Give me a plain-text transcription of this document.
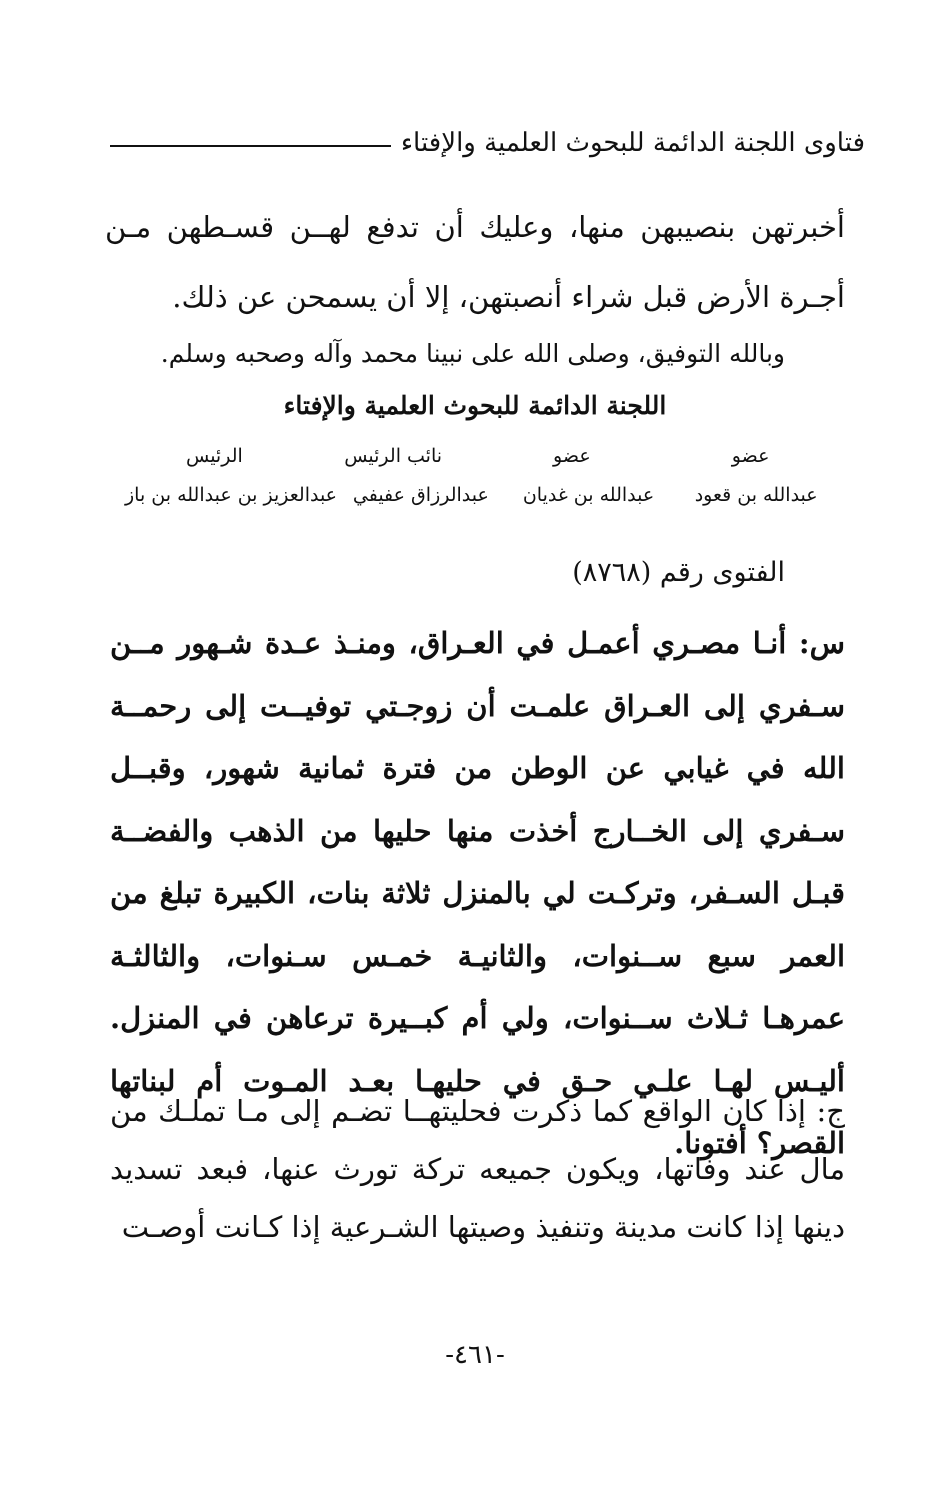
فتاوى اللجنة الدائمة للبحوث العلمية والإفتاء

أخبرتهن بنصيبهن منها، وعليك أن تدفع لهــن قسـطهن مـن أجـرة الأرض قبل شراء أنصبتهن، إلا أن يسمحن عن ذلك.

وبالله التوفيق، وصلى الله على نبينا محمد وآله وصحبه وسلم.

اللجنة الدائمة للبحوث العلمية والإفتاء
عضو
عضو
نائب الرئيس
الرئيس
عبدالله بن قعود
عبدالله بن غديان
عبدالرزاق عفيفي
عبدالعزيز بن عبدالله بن باز
الفتوى رقم (٨٧٦٨)

س: أنـا مصـري أعمـل في العـراق، ومنـذ عـدة شـهور مــن سـفري إلى العـراق علمـت أن زوجـتي توفيــت إلى رحمــة الله في غيابي عن الوطن من فترة ثمانية شهور، وقبــل سـفري إلى الخــارج أخذت منها حليها من الذهب والفضــة قبـل السـفر، وتركـت لي بالمنزل ثلاثة بنات، الكبيرة تبلغ من العمر سبع ســنوات، والثانيـة خمـس سـنوات، والثالثـة عمرهـا ثـلاث ســنوات، ولي أم كبــيرة ترعاهن في المنزل. أليـس لهـا علـي حـق في حليهـا بعـد المـوت أم لبناتها القصر؟ أفتونا.

ج: إذا كان الواقع كما ذكرت فحليتهــا تضـم إلى مـا تملـك من مال عند وفاتها، ويكون جميعه تركة تورث عنها، فبعد تسديد دينها إذا كانت مدينة وتنفيذ وصيتها الشـرعية إذا كـانت أوصـت

-٤٦١-
